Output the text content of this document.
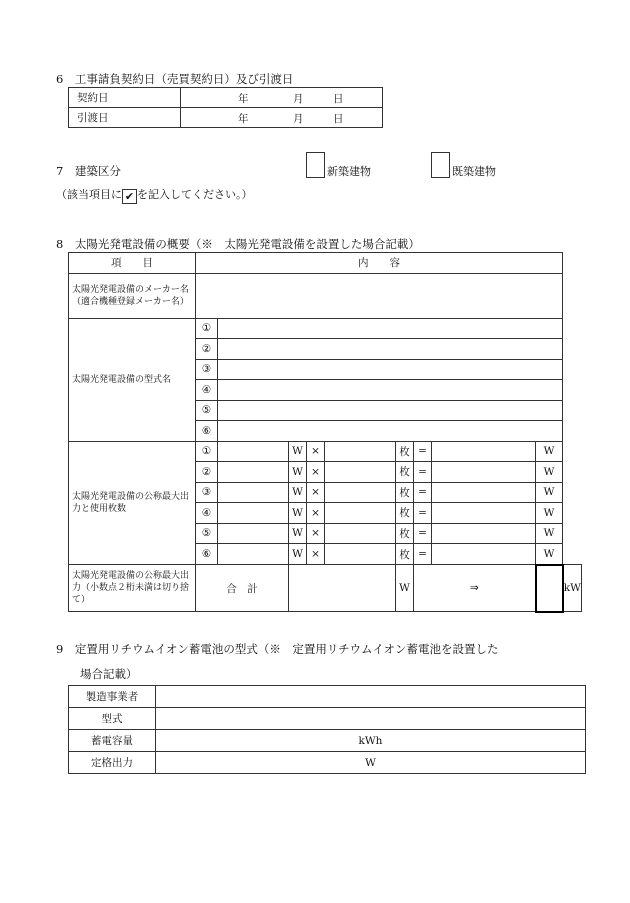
6　工事請負契約日（売買契約日）及び引渡日
契約日	年 月 日

引渡日	年 月 日
7　建築区分	新築建物	既築建物
（該当項目に ✔ を記入してください。）
8　太陽光発電設備の概要（※　太陽光発電設備を設置した場合記載）
項　　目	内　　容									
太陽光発電設備のメーカー名（適合機種登録メーカー名）										
太陽光発電設備の型式名	①									
	②									
	③									
	④									
	⑤									
	⑥									
太陽光発電設備の公称最大出力と使用枚数	①		W	×		枚	=		W	
	②		W	×		枚	=		W	
	③		W	×		枚	=		W	
	④		W	×		枚	=		W	
	⑤		W	×		枚	=		W	
	⑥		W	×		枚	=		W	
太陽光発電設備の公称最大出力（小数点２桁未満は切り捨て）	合　計					W	⇒			kW
9　定置用リチウムイオン蓄電池の型式（※　定置用リチウムイオン蓄電池を設置した
場合記載）
製造事業者	
型式	
蓄電容量	kWh
定格出力	W
